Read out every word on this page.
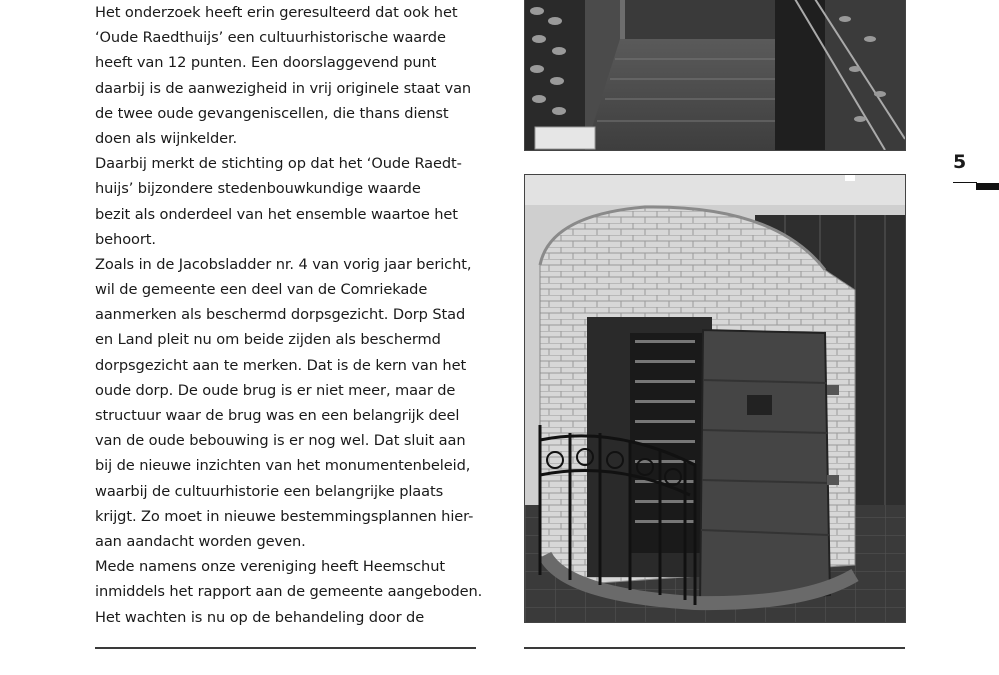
Het onderzoek heeft erin geresulteerd dat ook het
‘Oude Raedthuijs’ een cultuurhistorische waarde
heeft van 12 punten. Een doorslaggevend punt
daarbij is de aanwezigheid in vrij originele staat van
de twee oude gevangeniscellen, die thans dienst
doen als wijnkelder.
Daarbij merkt de stichting op dat het ‘Oude Raedt-
huijs’ bijzondere stedenbouwkundige waarde
bezit als onderdeel van het ensemble waartoe het
behoort.
Zoals in de Jacobsladder nr. 4 van vorig jaar bericht,
wil de gemeente een deel van de Comriekade
aanmerken als beschermd dorpsgezicht. Dorp Stad
en Land pleit nu om beide zijden als beschermd
dorpsgezicht aan te merken. Dat is de kern van het
oude dorp. De oude brug is er niet meer, maar de
structuur waar de brug was en een belangrijk deel
van de oude bebouwing is er nog wel. Dat sluit aan
bij de nieuwe inzichten van het monumentenbeleid,
waarbij de cultuurhistorie een belangrijke plaats
krijgt. Zo moet in nieuwe bestemmingsplannen hier-
aan aandacht worden geven.
Mede namens onze vereniging heeft Heemschut
inmiddels het rapport aan de gemeente aangeboden.
Het wachten is nu op de behandeling door de
5
